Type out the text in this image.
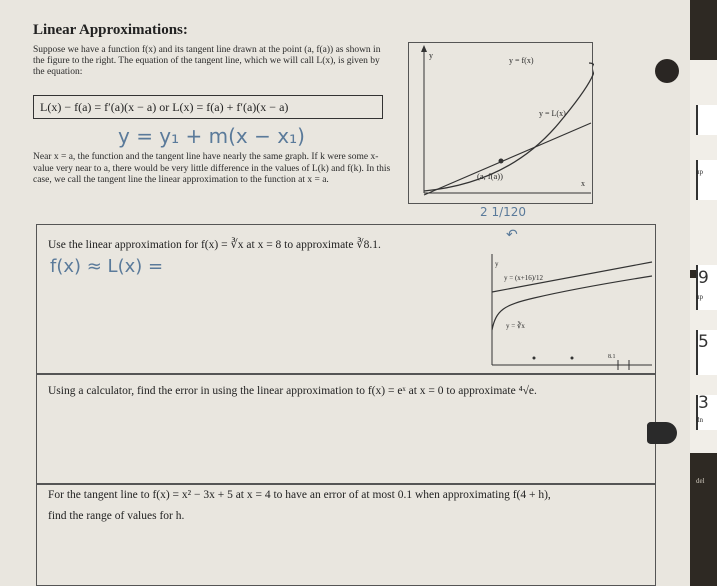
Linear Approximations:
Suppose we have a function f(x) and its tangent line drawn at the point (a, f(a)) as shown in the figure to the right. The equation of the tangent line, which we will call L(x), is given by the equation:
L(x) − f(a) = f′(a)(x − a) or L(x) = f(a) + f′(a)(x − a)
y = y₁ + m(x − x₁)
Near x = a, the function and the tangent line have nearly the same graph. If k were some x-value very near to a, there would be very little difference in the values of L(k) and f(k). In this case, we call the tangent line the linear approximation to the function at x = a.
y
x
y = f(x)
y = L(x)
(a, f(a))
2 1/120
↶
Use the linear approximation for f(x) = ∛x at x = 8 to approximate ∛8.1.
f(x) ≈ L(x) =	y
y = (x+16)/12
y = ∛x
8.1
Using a calculator, find the error in using the linear approximation to f(x) = eˣ at x = 0 to approximate ⁴√e.
For the tangent line to f(x) = x² − 3x + 5 at x = 4 to have an error of at most 0.1 when approximating f(4 + h), find the range of values for h.
9
5
3
up
up
dn
del
